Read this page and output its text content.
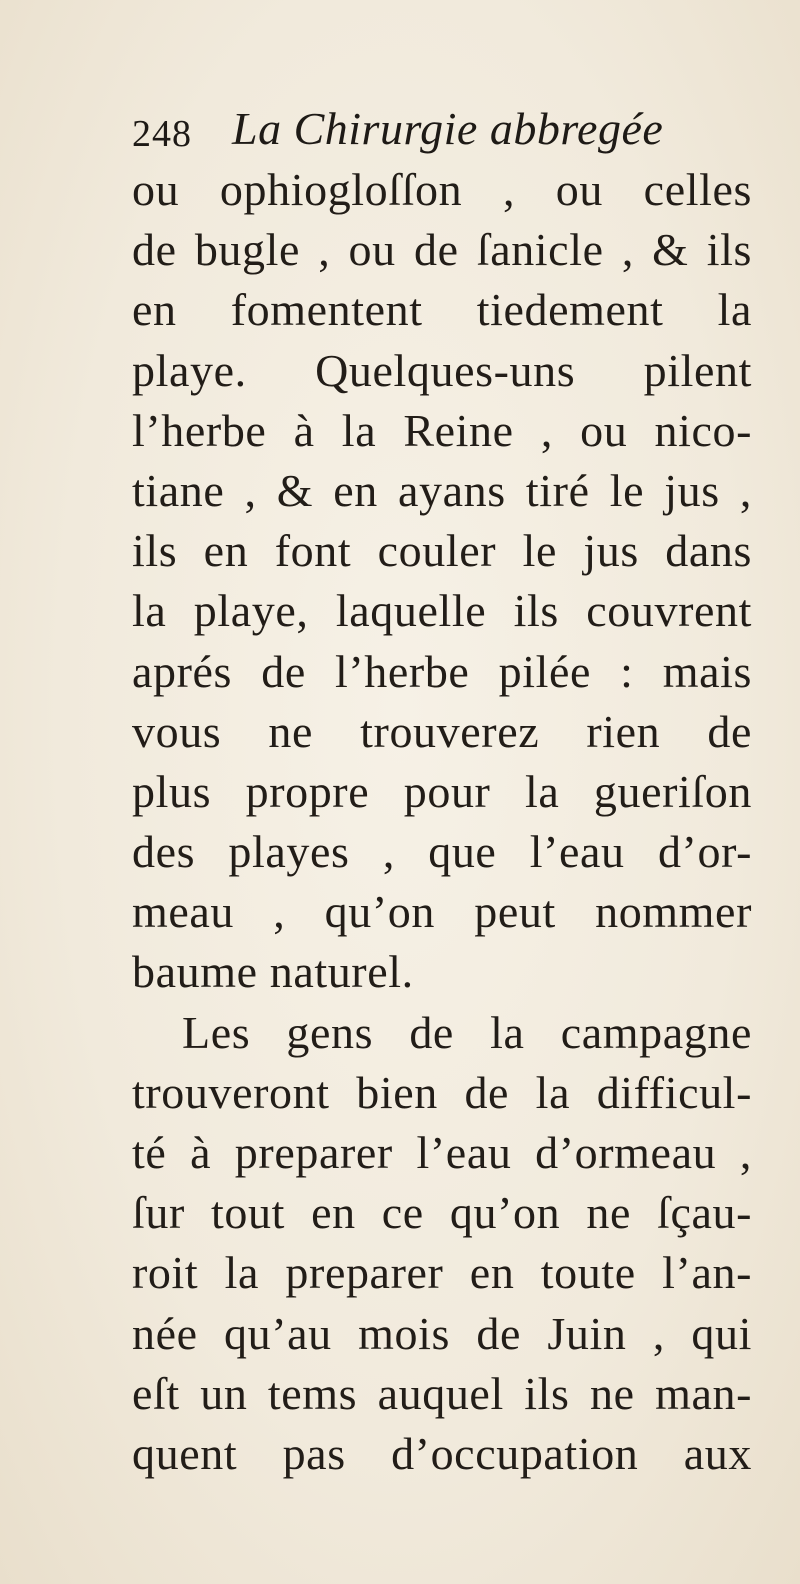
248 La Chirurgie abbregée
ou ophiogloſſon , ou celles
de bugle , ou de ſanicle , & ils
en fomentent tiedement la
playe. Quelques-uns pilent
l’herbe à la Reine , ou nico-
tiane , & en ayans tiré le jus ,
ils en font couler le jus dans
la playe, laquelle ils couvrent
aprés de l’herbe pilée : mais
vous ne trouverez rien de
plus propre pour la gueriſon
des playes , que l’eau d’or-
meau , qu’on peut nommer
baume naturel.
Les gens de la campagne
trouveront bien de la difficul-
té à preparer l’eau d’ormeau ,
ſur tout en ce qu’on ne ſçau-
roit la preparer en toute l’an-
née qu’au mois de Juin , qui
eſt un tems auquel ils ne man-
quent pas d’occupation aux
